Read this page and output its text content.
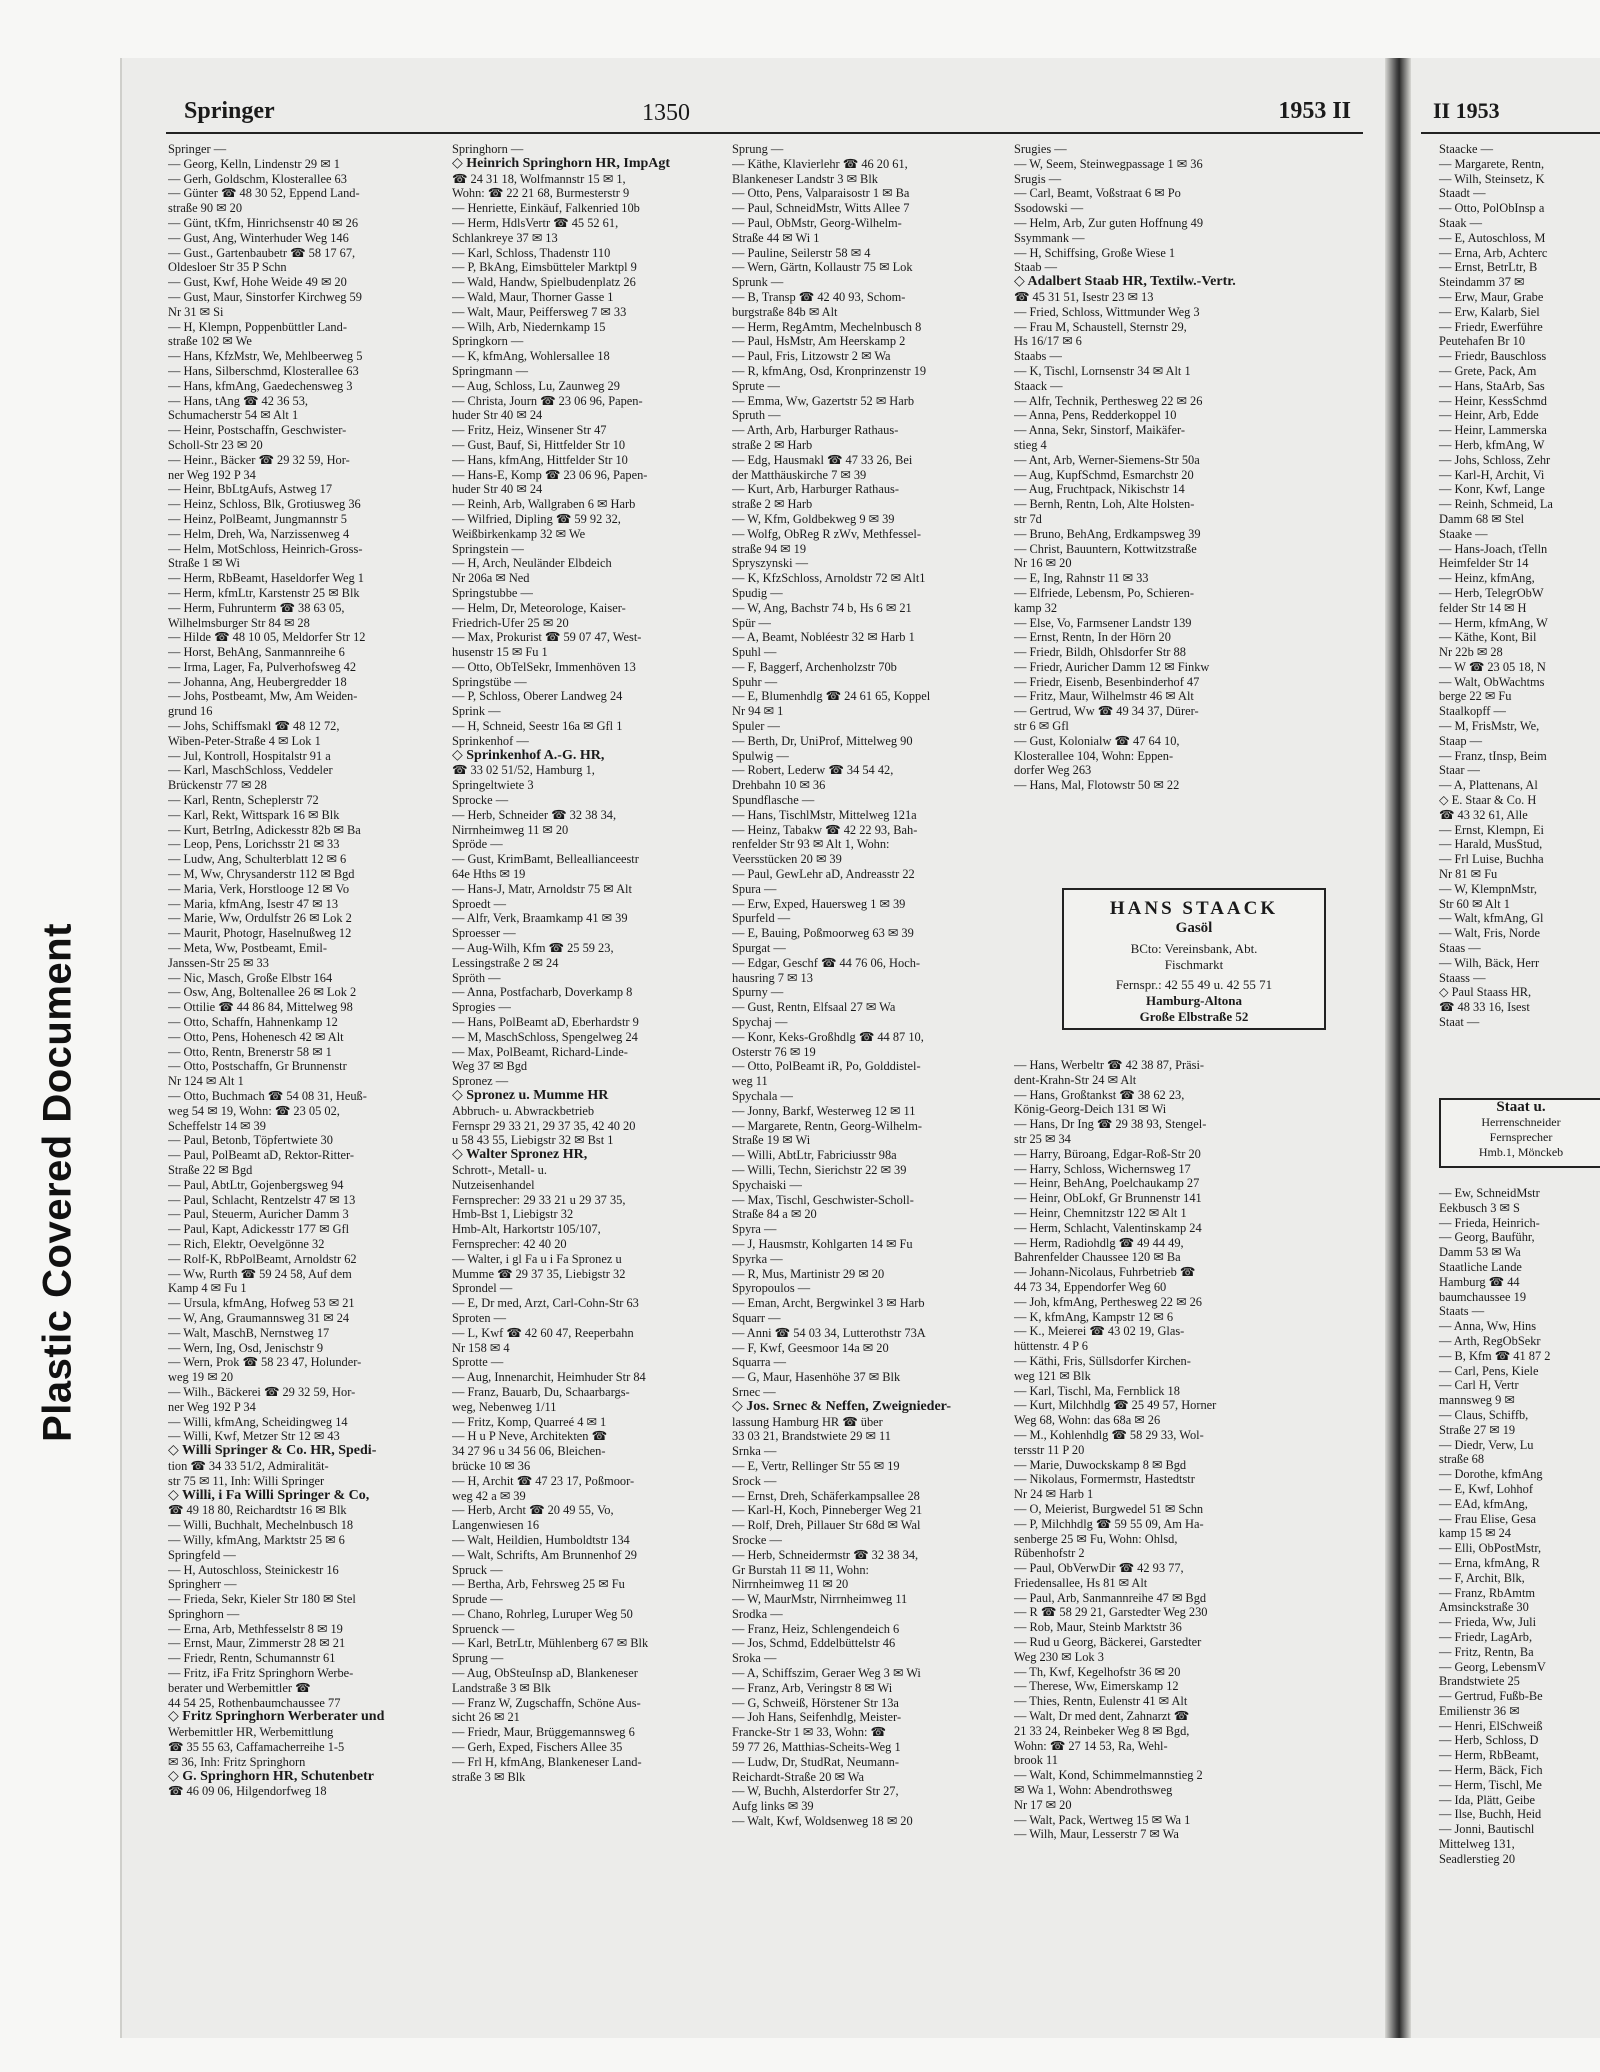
Plastic Covered Document
Springer	1350	1953 II
Springer —
— Georg, Kelln, Lindenstr 29 ✉ 1
— Gerh, Goldschm, Klosterallee 63
— Günter ☎ 48 30 52, Eppend Land-
straße 90 ✉ 20
— Günt, tKfm, Hinrichsenstr 40 ✉ 26
— Gust, Ang, Winterhuder Weg 146
— Gust., Gartenbaubetr ☎ 58 17 67,
Oldesloer Str 35 P Schn
— Gust, Kwf, Hohe Weide 49 ✉ 20
— Gust, Maur, Sinstorfer Kirchweg 59
Nr 31 ✉ Si
— H, Klempn, Poppenbüttler Land-
straße 102 ✉ We
— Hans, KfzMstr, We, Mehlbeerweg 5
— Hans, Silberschmd, Klosterallee 63
— Hans, kfmAng, Gaedechensweg 3
— Hans, tAng ☎ 42 36 53,
Schumacherstr 54 ✉ Alt 1
— Heinr, Postschaffn, Geschwister-
Scholl-Str 23 ✉ 20
— Heinr., Bäcker ☎ 29 32 59, Hor-
ner Weg 192 P 34
— Heinr, BbLtgAufs, Astweg 17
— Heinz, Schloss, Blk, Grotiusweg 36
— Heinz, PolBeamt, Jungmannstr 5
— Helm, Dreh, Wa, Narzissenweg 4
— Helm, MotSchloss, Heinrich-Gross-
Straße 1 ✉ Wi
— Herm, RbBeamt, Haseldorfer Weg 1
— Herm, kfmLtr, Karstenstr 25 ✉ Blk
— Herm, Fuhrunterm ☎ 38 63 05,
Wilhelmsburger Str 84 ✉ 28
— Hilde ☎ 48 10 05, Meldorfer Str 12
— Horst, BehAng, Sanmannreihe 6
— Irma, Lager, Fa, Pulverhofsweg 42
— Johanna, Ang, Heubergredder 18
— Johs, Postbeamt, Mw, Am Weiden-
grund 16
— Johs, Schiffsmakl ☎ 48 12 72,
Wiben-Peter-Straße 4 ✉ Lok 1
— Jul, Kontroll, Hospitalstr 91 a
— Karl, MaschSchloss, Veddeler
Brückenstr 77 ✉ 28
— Karl, Rentn, Scheplerstr 72
— Karl, Rekt, Wittspark 16 ✉ Blk
— Kurt, BetrIng, Adickesstr 82b ✉ Ba
— Leop, Pens, Lorichsstr 21 ✉ 33
— Ludw, Ang, Schulterblatt 12 ✉ 6
— M, Ww, Chrysanderstr 112 ✉ Bgd
— Maria, Verk, Horstlooge 12 ✉ Vo
— Maria, kfmAng, Isestr 47 ✉ 13
— Marie, Ww, Ordulfstr 26 ✉ Lok 2
— Maurit, Photogr, Haselnußweg 12
— Meta, Ww, Postbeamt, Emil-
Janssen-Str 25 ✉ 33
— Nic, Masch, Große Elbstr 164
— Osw, Ang, Boltenallee 26 ✉ Lok 2
— Ottilie ☎ 44 86 84, Mittelweg 98
— Otto, Schaffn, Hahnenkamp 12
— Otto, Pens, Hohenesch 42 ✉ Alt
— Otto, Rentn, Brenerstr 58 ✉ 1
— Otto, Postschaffn, Gr Brunnenstr
Nr 124 ✉ Alt 1
— Otto, Buchmach ☎ 54 08 31, Heuß-
weg 54 ✉ 19, Wohn: ☎ 23 05 02,
Scheffelstr 14 ✉ 39
— Paul, Betonb, Töpfertwiete 30
— Paul, PolBeamt aD, Rektor-Ritter-
Straße 22 ✉ Bgd
— Paul, AbtLtr, Gojenbergsweg 94
— Paul, Schlacht, Rentzelstr 47 ✉ 13
— Paul, Steuerm, Auricher Damm 3
— Paul, Kapt, Adickesstr 177 ✉ Gfl
— Rich, Elektr, Oevelgönne 32
— Rolf-K, RbPolBeamt, Arnoldstr 62
— Ww, Rurth ☎ 59 24 58, Auf dem
Kamp 4 ✉ Fu 1
— Ursula, kfmAng, Hofweg 53 ✉ 21
— W, Ang, Graumannsweg 31 ✉ 24
— Walt, MaschB, Nernstweg 17
— Wern, Ing, Osd, Jenischstr 9
— Wern, Prok ☎ 58 23 47, Holunder-
weg 19 ✉ 20
— Wilh., Bäckerei ☎ 29 32 59, Hor-
ner Weg 192 P 34
— Willi, kfmAng, Scheidingweg 14
— Willi, Kwf, Metzer Str 12 ✉ 43
◇ Willi Springer & Co. HR, Spedi-
tion ☎ 34 33 51/2, Admiralität-
str 75 ✉ 11, Inh: Willi Springer
◇ Willi, i Fa Willi Springer & Co,
☎ 49 18 80, Reichardtstr 16 ✉ Blk
— Willi, Buchhalt, Mechelnbusch 18
— Willy, kfmAng, Marktstr 25 ✉ 6
Springfeld —
— H, Autoschloss, Steinickestr 16
Springherr —
— Frieda, Sekr, Kieler Str 180 ✉ Stel
Springhorn —
— Erna, Arb, Methfesselstr 8 ✉ 19
— Ernst, Maur, Zimmerstr 28 ✉ 21
— Friedr, Rentn, Schumannstr 61
— Fritz, iFa Fritz Springhorn Werbe-
berater und Werbemittler ☎
44 54 25, Rothenbaumchaussee 77
◇ Fritz Springhorn Werberater und
Werbemittler HR, Werbemittlung
☎ 35 55 63, Caffamacherreihe 1-5
✉ 36, Inh: Fritz Springhorn
◇ G. Springhorn HR, Schutenbetr
☎ 46 09 06, Hilgendorfweg 18
Springhorn —
◇ Heinrich Springhorn HR, ImpAgt
☎ 24 31 18, Wolfmannstr 15 ✉ 1,
Wohn: ☎ 22 21 68, Burmesterstr 9
— Henriette, Einkäuf, Falkenried 10b
— Herm, HdlsVertr ☎ 45 52 61,
Schlankreye 37 ✉ 13
— Karl, Schloss, Thadenstr 110
— P, BkAng, Eimsbütteler Marktpl 9
— Wald, Handw, Spielbudenplatz 26
— Wald, Maur, Thorner Gasse 1
— Walt, Maur, Peiffersweg 7 ✉ 33
— Wilh, Arb, Niedernkamp 15
Springkorn —
— K, kfmAng, Wohlersallee 18
Springmann —
— Aug, Schloss, Lu, Zaunweg 29
— Christa, Journ ☎ 23 06 96, Papen-
huder Str 40 ✉ 24
— Fritz, Heiz, Winsener Str 47
— Gust, Bauf, Si, Hittfelder Str 10
— Hans, kfmAng, Hittfelder Str 10
— Hans-E, Komp ☎ 23 06 96, Papen-
huder Str 40 ✉ 24
— Reinh, Arb, Wallgraben 6 ✉ Harb
— Wilfried, Dipling ☎ 59 92 32,
Weißbirkenkamp 32 ✉ We
Springstein —
— H, Arch, Neuländer Elbdeich
Nr 206a ✉ Ned
Springstubbe —
— Helm, Dr, Meteorologe, Kaiser-
Friedrich-Ufer 25 ✉ 20
— Max, Prokurist ☎ 59 07 47, West-
husenstr 15 ✉ Fu 1
— Otto, ObTelSekr, Immenhöven 13
Springstübe —
— P, Schloss, Oberer Landweg 24
Sprink —
— H, Schneid, Seestr 16a ✉ Gfl 1
Sprinkenhof —
◇ Sprinkenhof A.-G. HR,
☎ 33 02 51/52, Hamburg 1,
Springeltwiete 3
Sprocke —
— Herb, Schneider ☎ 32 38 34,
Nirrnheimweg 11 ✉ 20
Spröde —
— Gust, KrimBamt, Belleallianceestr
64e Hths ✉ 19
— Hans-J, Matr, Arnoldstr 75 ✉ Alt
Sproedt —
— Alfr, Verk, Braamkamp 41 ✉ 39
Sproesser —
— Aug-Wilh, Kfm ☎ 25 59 23,
Lessingstraße 2 ✉ 24
Spröth —
— Anna, Postfacharb, Doverkamp 8
Sprogies —
— Hans, PolBeamt aD, Eberhardstr 9
— M, MaschSchloss, Spengelweg 24
— Max, PolBeamt, Richard-Linde-
Weg 37 ✉ Bgd
Spronez —
◇ Spronez u. Mumme HR
Abbruch- u. Abwrackbetrieb
Fernspr 29 33 21, 29 37 35, 42 40 20
u 58 43 55, Liebigstr 32 ✉ Bst 1
◇ Walter Spronez HR,
Schrott-, Metall- u.
Nutzeisenhandel
Fernsprecher: 29 33 21 u 29 37 35,
Hmb-Bst 1, Liebigstr 32
Hmb-Alt, Harkortstr 105/107,
Fernsprecher: 42 40 20
— Walter, i gl Fa u i Fa Spronez u
Mumme ☎ 29 37 35, Liebigstr 32
Sprondel —
— E, Dr med, Arzt, Carl-Cohn-Str 63
Sproten —
— L, Kwf ☎ 42 60 47, Reeperbahn
Nr 158 ✉ 4
Sprotte —
— Aug, Innenarchit, Heimhuder Str 84
— Franz, Bauarb, Du, Schaarbargs-
weg, Nebenweg 1/11
— Fritz, Komp, Quarreé 4 ✉ 1
— H u P Neve, Architekten ☎
34 27 96 u 34 56 06, Bleichen-
brücke 10 ✉ 36
— H, Archit ☎ 47 23 17, Poßmoor-
weg 42 a ✉ 39
— Herb, Archt ☎ 20 49 55, Vo,
Langenwiesen 16
— Walt, Heildien, Humboldtstr 134
— Walt, Schrifts, Am Brunnenhof 29
Spruck —
— Bertha, Arb, Fehrsweg 25 ✉ Fu
Sprude —
— Chano, Rohrleg, Luruper Weg 50
Spruenck —
— Karl, BetrLtr, Mühlenberg 67 ✉ Blk
Sprung —
— Aug, ObSteuInsp aD, Blankeneser
Landstraße 3 ✉ Blk
— Franz W, Zugschaffn, Schöne Aus-
sicht 26 ✉ 21
— Friedr, Maur, Brüggemannsweg 6
— Gerh, Exped, Fischers Allee 35
— Frl H, kfmAng, Blankeneser Land-
straße 3 ✉ Blk
Sprung —
— Käthe, Klavierlehr ☎ 46 20 61,
Blankeneser Landstr 3 ✉ Blk
— Otto, Pens, Valparaisostr 1 ✉ Ba
— Paul, SchneidMstr, Witts Allee 7
— Paul, ObMstr, Georg-Wilhelm-
Straße 44 ✉ Wi 1
— Pauline, Seilerstr 58 ✉ 4
— Wern, Gärtn, Kollaustr 75 ✉ Lok
Sprunk —
— B, Transp ☎ 42 40 93, Schom-
burgstraße 84b ✉ Alt
— Herm, RegAmtm, Mechelnbusch 8
— Paul, HsMstr, Am Heerskamp 2
— Paul, Fris, Litzowstr 2 ✉ Wa
— R, kfmAng, Osd, Kronprinzenstr 19
Sprute —
— Emma, Ww, Gazertstr 52 ✉ Harb
Spruth —
— Arth, Arb, Harburger Rathaus-
straße 2 ✉ Harb
— Edg, Hausmakl ☎ 47 33 26, Bei
der Matthäuskirche 7 ✉ 39
— Kurt, Arb, Harburger Rathaus-
straße 2 ✉ Harb
— W, Kfm, Goldbekweg 9 ✉ 39
— Wolfg, ObReg R zWv, Methfessel-
straße 94 ✉ 19
Spryszynski —
— K, KfzSchloss, Arnoldstr 72 ✉ Alt1
Spudig —
— W, Ang, Bachstr 74 b, Hs 6 ✉ 21
Spür —
— A, Beamt, Nobléestr 32 ✉ Harb 1
Spuhl —
— F, Baggerf, Archenholzstr 70b
Spuhr —
— E, Blumenhdlg ☎ 24 61 65, Koppel
Nr 94 ✉ 1
Spuler —
— Berth, Dr, UniProf, Mittelweg 90
Spulwig —
— Robert, Lederw ☎ 34 54 42,
Drehbahn 10 ✉ 36
Spundflasche —
— Hans, TischlMstr, Mittelweg 121a
— Heinz, Tabakw ☎ 42 22 93, Bah-
renfelder Str 93 ✉ Alt 1, Wohn:
Veersstücken 20 ✉ 39
— Paul, GewLehr aD, Andreasstr 22
Spura —
— Erw, Exped, Hauersweg 1 ✉ 39
Spurfeld —
— E, Bauing, Poßmoorweg 63 ✉ 39
Spurgat —
— Edgar, Geschf ☎ 44 76 06, Hoch-
hausring 7 ✉ 13
Spurny —
— Gust, Rentn, Elfsaal 27 ✉ Wa
Spychaj —
— Konr, Keks-Großhdlg ☎ 44 87 10,
Osterstr 76 ✉ 19
— Otto, PolBeamt iR, Po, Golddistel-
weg 11
Spychala —
— Jonny, Barkf, Westerweg 12 ✉ 11
— Margarete, Rentn, Georg-Wilhelm-
Straße 19 ✉ Wi
— Willi, AbtLtr, Fabriciusstr 98a
— Willi, Techn, Sierichstr 22 ✉ 39
Spychaiski —
— Max, Tischl, Geschwister-Scholl-
Straße 84 a ✉ 20
Spyra —
— J, Hausmstr, Kohlgarten 14 ✉ Fu
Spyrka —
— R, Mus, Martinistr 29 ✉ 20
Spyropoulos —
— Eman, Archt, Bergwinkel 3 ✉ Harb
Squarr —
— Anni ☎ 54 03 34, Lutterothstr 73A
— F, Kwf, Geesmoor 14a ✉ 20
Squarra —
— G, Maur, Hasenhöhe 37 ✉ Blk
Srnec —
◇ Jos. Srnec & Neffen, Zweignieder-
lassung Hamburg HR ☎ über
33 03 21, Brandstwiete 29 ✉ 11
Srnka —
— E, Vertr, Rellinger Str 55 ✉ 19
Srock —
— Ernst, Dreh, Schäferkampsallee 28
— Karl-H, Koch, Pinneberger Weg 21
— Rolf, Dreh, Pillauer Str 68d ✉ Wal
Srocke —
— Herb, Schneidermstr ☎ 32 38 34,
Gr Burstah 11 ✉ 11, Wohn:
Nirrnheimweg 11 ✉ 20
— W, MaurMstr, Nirrnheimweg 11
Srodka —
— Franz, Heiz, Schlengendeich 6
— Jos, Schmd, Eddelbüttelstr 46
Sroka —
— A, Schiffszim, Geraer Weg 3 ✉ Wi
— Franz, Arb, Veringstr 8 ✉ Wi
— G, Schweiß, Hörstener Str 13a
— Joh Hans, Seifenhdlg, Meister-
Francke-Str 1 ✉ 33, Wohn: ☎
59 77 26, Matthias-Scheits-Weg 1
— Ludw, Dr, StudRat, Neumann-
Reichardt-Straße 20 ✉ Wa
— W, Buchh, Alsterdorfer Str 27,
Aufg links ✉ 39
— Walt, Kwf, Woldsenweg 18 ✉ 20
Srugies —
— W, Seem, Steinwegpassage 1 ✉ 36
Srugis —
— Carl, Beamt, Voßstraat 6 ✉ Po
Ssodowski —
— Helm, Arb, Zur guten Hoffnung 49
Ssymmank —
— H, Schiffsing, Große Wiese 1
Staab —
◇ Adalbert Staab HR, Textilw.-Vertr.
☎ 45 31 51, Isestr 23 ✉ 13
— Fried, Schloss, Wittmunder Weg 3
— Frau M, Schaustell, Sternstr 29,
Hs 16/17 ✉ 6
Staabs —
— K, Tischl, Lornsenstr 34 ✉ Alt 1
Staack —
— Alfr, Technik, Perthesweg 22 ✉ 26
— Anna, Pens, Redderkoppel 10
— Anna, Sekr, Sinstorf, Maikäfer-
stieg 4
— Ant, Arb, Werner-Siemens-Str 50a
— Aug, KupfSchmd, Esmarchstr 20
— Aug, Fruchtpack, Nikischstr 14
— Bernh, Rentn, Loh, Alte Holsten-
str 7d
— Bruno, BehAng, Erdkampsweg 39
— Christ, Bauuntern, Kottwitzstraße
Nr 16 ✉ 20
— E, Ing, Rahnstr 11 ✉ 33
— Elfriede, Lebensm, Po, Schieren-
kamp 32
— Else, Vo, Farmsener Landstr 139
— Ernst, Rentn, In der Hörn 20
— Friedr, Bildh, Ohlsdorfer Str 88
— Friedr, Auricher Damm 12 ✉ Finkw
— Friedr, Eisenb, Besenbinderhof 47
— Fritz, Maur, Wilhelmstr 46 ✉ Alt
— Gertrud, Ww ☎ 49 34 37, Dürer-
str 6 ✉ Gfl
— Gust, Kolonialw ☎ 47 64 10,
Klosterallee 104, Wohn: Eppen-
dorfer Weg 263
— Hans, Mal, Flotowstr 50 ✉ 22
— Hans, Werbeltr ☎ 42 38 87, Präsi-
dent-Krahn-Str 24 ✉ Alt
— Hans, Großtankst ☎ 38 62 23,
König-Georg-Deich 131 ✉ Wi
— Hans, Dr Ing ☎ 29 38 93, Stengel-
str 25 ✉ 34
— Harry, Büroang, Edgar-Roß-Str 20
— Harry, Schloss, Wichernsweg 17
— Heinr, BehAng, Poelchaukamp 27
— Heinr, ObLokf, Gr Brunnenstr 141
— Heinr, Chemnitzstr 122 ✉ Alt 1
— Herm, Schlacht, Valentinskamp 24
— Herm, Radiohdlg ☎ 49 44 49,
Bahrenfelder Chaussee 120 ✉ Ba
— Johann-Nicolaus, Fuhrbetrieb ☎
44 73 34, Eppendorfer Weg 60
— Joh, kfmAng, Perthesweg 22 ✉ 26
— K, kfmAng, Kampstr 12 ✉ 6
— K., Meierei ☎ 43 02 19, Glas-
hüttenstr. 4 P 6
— Käthi, Fris, Süllsdorfer Kirchen-
weg 121 ✉ Blk
— Karl, Tischl, Ma, Fernblick 18
— Kurt, Milchhdlg ☎ 25 49 57, Horner
Weg 68, Wohn: das 68a ✉ 26
— M., Kohlenhdlg ☎ 58 29 33, Wol-
tersstr 11 P 20
— Marie, Duwockskamp 8 ✉ Bgd
— Nikolaus, Formermstr, Hastedtstr
Nr 24 ✉ Harb 1
— O, Meierist, Burgwedel 51 ✉ Schn
— P, Milchhdlg ☎ 59 55 09, Am Ha-
senberge 25 ✉ Fu, Wohn: Ohlsd,
Rübenhofstr 2
— Paul, ObVerwDir ☎ 42 93 77,
Friedensallee, Hs 81 ✉ Alt
— Paul, Arb, Sanmannreihe 47 ✉ Bgd
— R ☎ 58 29 21, Garstedter Weg 230
— Rob, Maur, Steinb Marktstr 36
— Rud u Georg, Bäckerei, Garstedter
Weg 230 ✉ Lok 3
— Th, Kwf, Kegelhofstr 36 ✉ 20
— Therese, Ww, Eimerskamp 12
— Thies, Rentn, Eulenstr 41 ✉ Alt
— Walt, Dr med dent, Zahnarzt ☎
21 33 24, Reinbeker Weg 8 ✉ Bgd,
Wohn: ☎ 27 14 53, Ra, Wehl-
brook 11
— Walt, Kond, Schimmelmannstieg 2
✉ Wa 1, Wohn: Abendrothsweg
Nr 17 ✉ 20
— Walt, Pack, Wertweg 15 ✉ Wa 1
— Wilh, Maur, Lesserstr 7 ✉ Wa
HANS STAACK
Gasöl
BCto: Vereinsbank, Abt.
Fischmarkt
Fernspr.: 42 55 49 u. 42 55 71
Hamburg-Altona
Große Elbstraße 52
II 1953
Staacke —
— Margarete, Rentn,
— Wilh, Steinsetz, K
Staadt —
— Otto, PolObInsp a
Staak —
— E, Autoschloss, M
— Erna, Arb, Achterc
— Ernst, BetrLtr, B
Steindamm 37 ✉
— Erw, Maur, Grabe
— Erw, Kalarb, Siel
— Friedr, Ewerführe
Peutehafen Br 10
— Friedr, Bauschloss
— Grete, Pack, Am
— Hans, StaArb, Sas
— Heinr, KessSchmd
— Heinr, Arb, Edde
— Heinr, Lammerska
— Herb, kfmAng, W
— Johs, Schloss, Zehr
— Karl-H, Archit, Vi
— Konr, Kwf, Lange
— Reinh, Schmeid, La
Damm 68 ✉ Stel
Staake —
— Hans-Joach, tTelln
Heimfelder Str 14
— Heinz, kfmAng,
— Herb, TelegrObW
felder Str 14 ✉ H
— Herm, kfmAng, W
— Käthe, Kont, Bil
Nr 22b ✉ 28
— W ☎ 23 05 18, N
— Walt, ObWachtms
berge 22 ✉ Fu
Staalkopff —
— M, FrisMstr, We,
Staap —
— Franz, tInsp, Beim
Staar —
— A, Plattenans, Al
◇ E. Staar & Co. H
☎ 43 32 61, Alle
— Ernst, Klempn, Ei
— Harald, MusStud,
— Frl Luise, Buchha
Nr 81 ✉ Fu
— W, KlempnMstr,
Str 60 ✉ Alt 1
— Walt, kfmAng, Gl
— Walt, Fris, Norde
Staas —
— Wilh, Bäck, Herr
Staass —
◇ Paul Staass HR,
☎ 48 33 16, Isest
Staat —
Staat u.
Herrenschneider
Fernsprecher
Hmb.1, Mönckeb
— Ew, SchneidMstr
Eekbusch 3 ✉ S
— Frieda, Heinrich-
— Georg, Bauführ,
Damm 53 ✉ Wa
Staatliche Lande
Hamburg ☎ 44
baumchaussee 19
Staats —
— Anna, Ww, Hins
— Arth, RegObSekr
— B, Kfm ☎ 41 87 2
— Carl, Pens, Kiele
— Carl H, Vertr
mannsweg 9 ✉
— Claus, Schiffb,
Straße 27 ✉ 19
— Diedr, Verw, Lu
straße 68
— Dorothe, kfmAng
— E, Kwf, Lohhof
— EAd, kfmAng,
— Frau Elise, Gesa
kamp 15 ✉ 24
— Elli, ObPostMstr,
— Erna, kfmAng, R
— F, Archit, Blk,
— Franz, RbAmtm
Amsinckstraße 30
— Frieda, Ww, Juli
— Friedr, LagArb,
— Fritz, Rentn, Ba
— Georg, LebensmV
Brandstwiete 25
— Gertrud, Fußb-Be
Emilienstr 36 ✉
— Henri, ElSchweiß
— Herb, Schloss, D
— Herm, RbBeamt,
— Herm, Bäck, Fich
— Herm, Tischl, Me
— Ida, Plätt, Geibe
— Ilse, Buchh, Heid
— Jonni, Bautischl
Mittelweg 131,
Seadlerstieg 20
